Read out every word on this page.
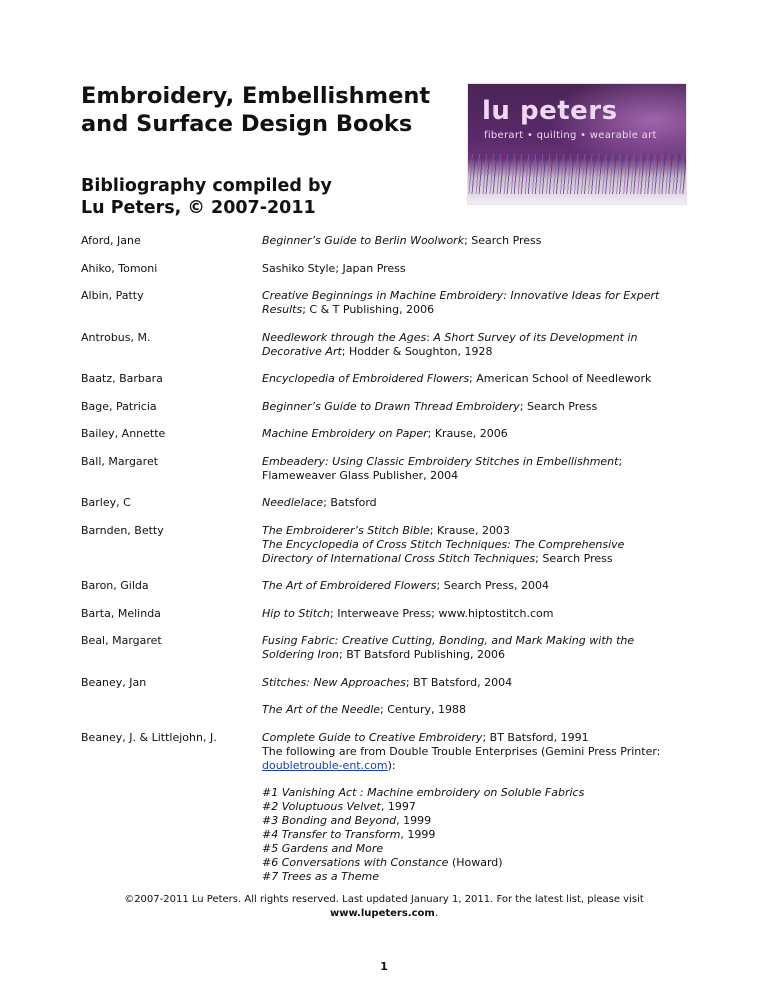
Embroidery, Embellishment
and Surface Design Books
Bibliography compiled by
Lu Peters, © 2007-2011
lu peters
fiberart • quilting • wearable art
Aford, Jane	Beginner’s Guide to Berlin Woolwork; Search Press
Ahiko, Tomoni	Sashiko Style; Japan Press
Albin, Patty	Creative Beginnings in Machine Embroidery: Innovative Ideas for Expert
Results; C & T Publishing, 2006
Antrobus, M.	Needlework through the Ages: A Short Survey of its Development in
Decorative Art; Hodder & Soughton, 1928
Baatz, Barbara	Encyclopedia of Embroidered Flowers; American School of Needlework
Bage, Patricia	Beginner’s Guide to Drawn Thread Embroidery; Search Press
Bailey, Annette	Machine Embroidery on Paper; Krause, 2006
Ball, Margaret	Embeadery: Using Classic Embroidery Stitches in Embellishment;
Flameweaver Glass Publisher, 2004
Barley, C	Needlelace; Batsford
Barnden, Betty	The Embroiderer’s Stitch Bible; Krause, 2003
The Encyclopedia of Cross Stitch Techniques: The Comprehensive
Directory of International Cross Stitch Techniques; Search Press
Baron, Gilda	The Art of Embroidered Flowers; Search Press, 2004
Barta, Melinda	Hip to Stitch; Interweave Press; www.hiptostitch.com
Beal, Margaret	Fusing Fabric: Creative Cutting, Bonding, and Mark Making with the
Soldering Iron; BT Batsford Publishing, 2006
Beaney, Jan	Stitches: New Approaches; BT Batsford, 2004
The Art of the Needle; Century, 1988
Beaney, J. & Littlejohn, J.	Complete Guide to Creative Embroidery; BT Batsford, 1991
The following are from Double Trouble Enterprises (Gemini Press Printer:
doubletrouble-ent.com):
#1 Vanishing Act : Machine embroidery on Soluble Fabrics
#2 Voluptuous Velvet, 1997
#3 Bonding and Beyond, 1999
#4 Transfer to Transform, 1999
#5 Gardens and More
#6 Conversations with Constance (Howard)
#7 Trees as a Theme
©2007-2011 Lu Peters. All rights reserved. Last updated January 1, 2011. For the latest list, please visit
www.lupeters.com.
1
